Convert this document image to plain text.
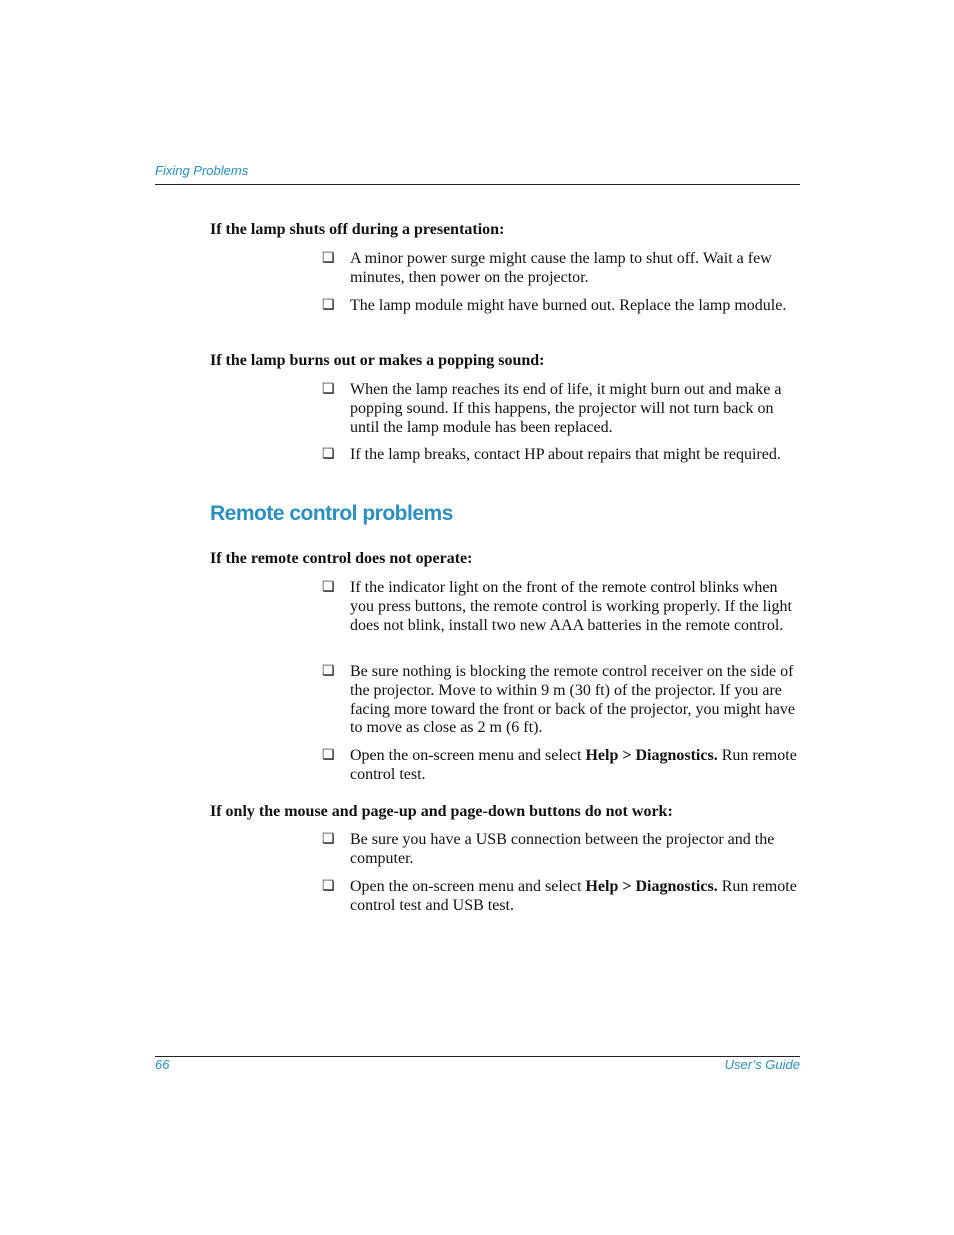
Fixing Problems
If the lamp shuts off during a presentation:
❏ A minor power surge might cause the lamp to shut off. Wait a few minutes, then power on the projector.
❏ The lamp module might have burned out. Replace the lamp module.
If the lamp burns out or makes a popping sound:
❏ When the lamp reaches its end of life, it might burn out and make a popping sound. If this happens, the projector will not turn back on until the lamp module has been replaced.
❏ If the lamp breaks, contact HP about repairs that might be required.
Remote control problems
If the remote control does not operate:
❏ If the indicator light on the front of the remote control blinks when you press buttons, the remote control is working properly. If the light does not blink, install two new AAA batteries in the remote control.
❏ Be sure nothing is blocking the remote control receiver on the side of the projector. Move to within 9 m (30 ft) of the projector. If you are facing more toward the front or back of the projector, you might have to move as close as 2 m (6 ft).
❏ Open the on-screen menu and select Help > Diagnostics. Run remote control test.
If only the mouse and page-up and page-down buttons do not work:
❏ Be sure you have a USB connection between the projector and the computer.
❏ Open the on-screen menu and select Help > Diagnostics. Run remote control test and USB test.
66	User’s Guide
